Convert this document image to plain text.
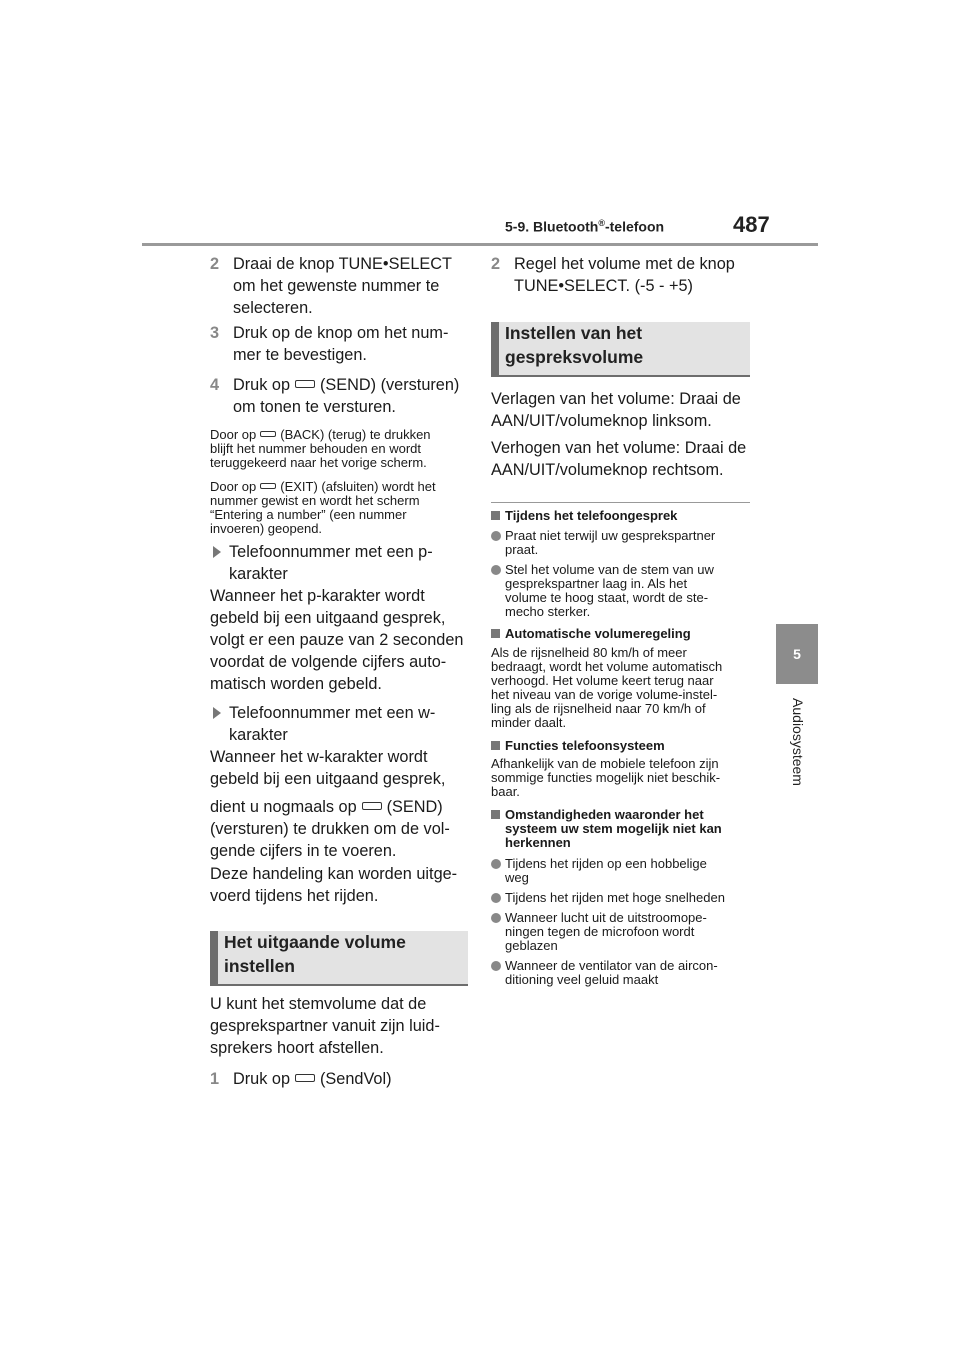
5-9. Bluetooth®-telefoon	487
5
Audiosysteem
2 Draai de knop TUNE•SELECT
om het gewenste nummer te
selecteren.
3 Druk op de knop om het num-
mer te bevestigen.
4 Druk op (SEND) (versturen)
om tonen te versturen.
Door op (BACK) (terug) te drukken
blijft het nummer behouden en wordt
teruggekeerd naar het vorige scherm.
Door op (EXIT) (afsluiten) wordt het
nummer gewist en wordt het scherm
“Entering a number” (een nummer
invoeren) geopend.
Telefoonnummer met een p-
karakter
Wanneer het p-karakter wordt
gebeld bij een uitgaand gesprek,
volgt er een pauze van 2 seconden
voordat de volgende cijfers auto-
matisch worden gebeld.
Telefoonnummer met een w-
karakter
Wanneer het w-karakter wordt
gebeld bij een uitgaand gesprek,
dient u nogmaals op (SEND)
(versturen) te drukken om de vol-
gende cijfers in te voeren.
Deze handeling kan worden uitge-
voerd tijdens het rijden.
Het uitgaande volume
instellen
U kunt het stemvolume dat de
gesprekspartner vanuit zijn luid-
sprekers hoort afstellen.
1 Druk op (SendVol)
2 Regel het volume met de knop
TUNE•SELECT. (-5 - +5)
Instellen van het
gespreksvolume
Verlagen van het volume: Draai de
AAN/UIT/volumeknop linksom.
Verhogen van het volume: Draai de
AAN/UIT/volumeknop rechtsom.
Tijdens het telefoongesprek
Praat niet terwijl uw gesprekspartner
praat.
Stel het volume van de stem van uw
gesprekspartner laag in. Als het
volume te hoog staat, wordt de ste-
mecho sterker.
Automatische volumeregeling
Als de rijsnelheid 80 km/h of meer
bedraagt, wordt het volume automatisch
verhoogd. Het volume keert terug naar
het niveau van de vorige volume-instel-
ling als de rijsnelheid naar 70 km/h of
minder daalt.
Functies telefoonsysteem
Afhankelijk van de mobiele telefoon zijn
sommige functies mogelijk niet beschik-
baar.
Omstandigheden waaronder het
systeem uw stem mogelijk niet kan
herkennen
Tijdens het rijden op een hobbelige
weg
Tijdens het rijden met hoge snelheden
Wanneer lucht uit de uitstroomope-
ningen tegen de microfoon wordt
geblazen
Wanneer de ventilator van de aircon-
ditioning veel geluid maakt
